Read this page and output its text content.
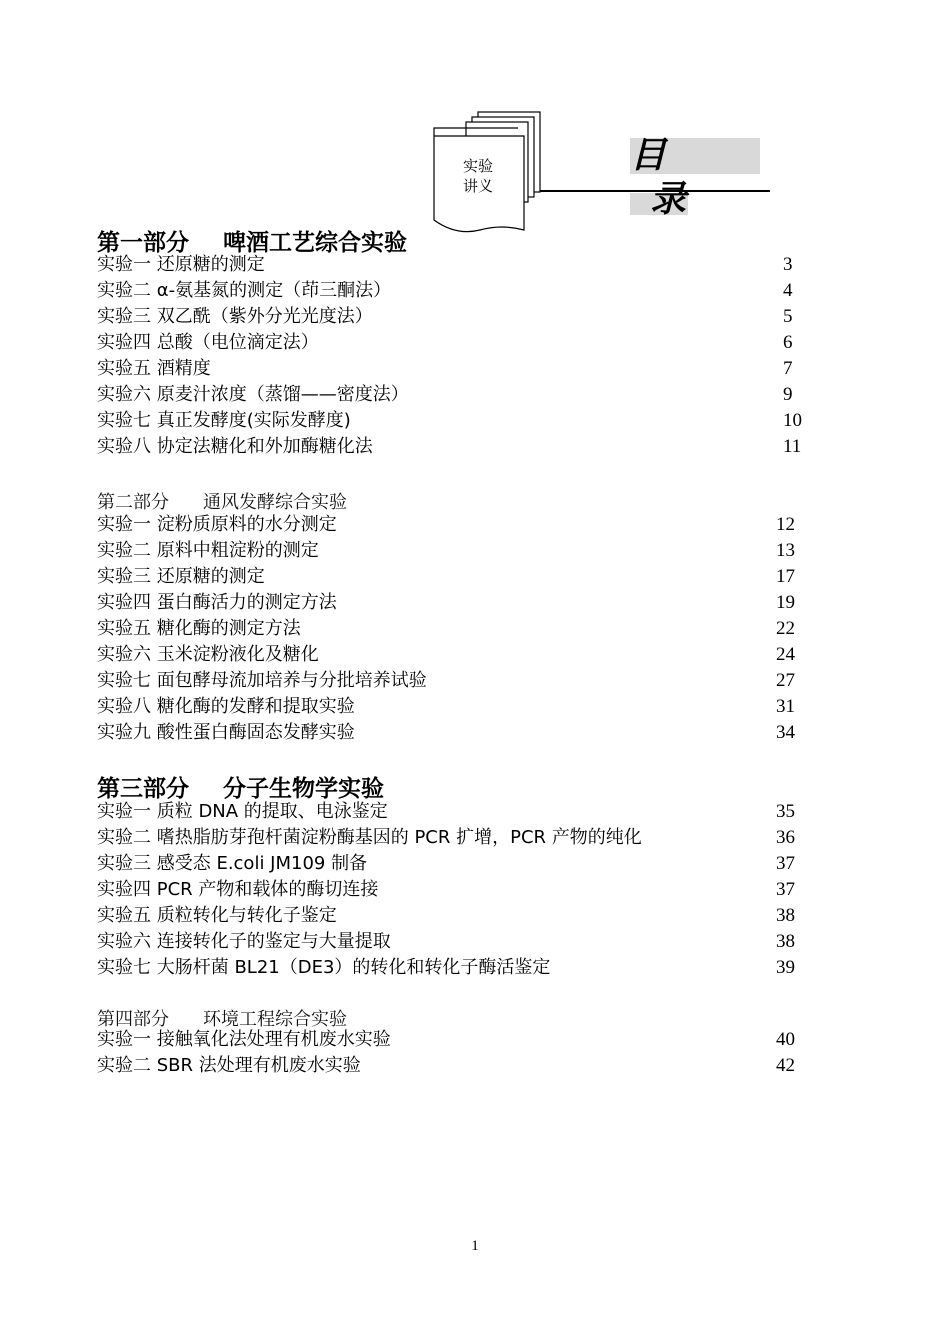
实验
讲义
目
录
第一部分 啤酒工艺综合实验
实验一 还原糖的测定	3
实验二 α-氨基氮的测定（茚三酮法）	4
实验三 双乙酰（紫外分光光度法）	5
实验四 总酸（电位滴定法）	6
实验五 酒精度	7
实验六 原麦汁浓度（蒸馏——密度法）	9
实验七 真正发酵度(实际发酵度)	10
实验八 协定法糖化和外加酶糖化法	11
第二部分 通风发酵综合实验
实验一 淀粉质原料的水分测定	12
实验二 原料中粗淀粉的测定	13
实验三 还原糖的测定	17
实验四 蛋白酶活力的测定方法	19
实验五 糖化酶的测定方法	22
实验六 玉米淀粉液化及糖化	24
实验七 面包酵母流加培养与分批培养试验	27
实验八 糖化酶的发酵和提取实验	31
实验九 酸性蛋白酶固态发酵实验	34
第三部分 分子生物学实验
实验一 质粒 DNA 的提取、电泳鉴定	35
实验二 嗜热脂肪芽孢杆菌淀粉酶基因的 PCR 扩增，PCR 产物的纯化	36
实验三 感受态 E.coli JM109 制备	37
实验四 PCR 产物和载体的酶切连接	37
实验五 质粒转化与转化子鉴定	38
实验六 连接转化子的鉴定与大量提取	38
实验七 大肠杆菌 BL21（DE3）的转化和转化子酶活鉴定	39
第四部分 环境工程综合实验
实验一 接触氧化法处理有机废水实验	40
实验二 SBR 法处理有机废水实验	42
1
